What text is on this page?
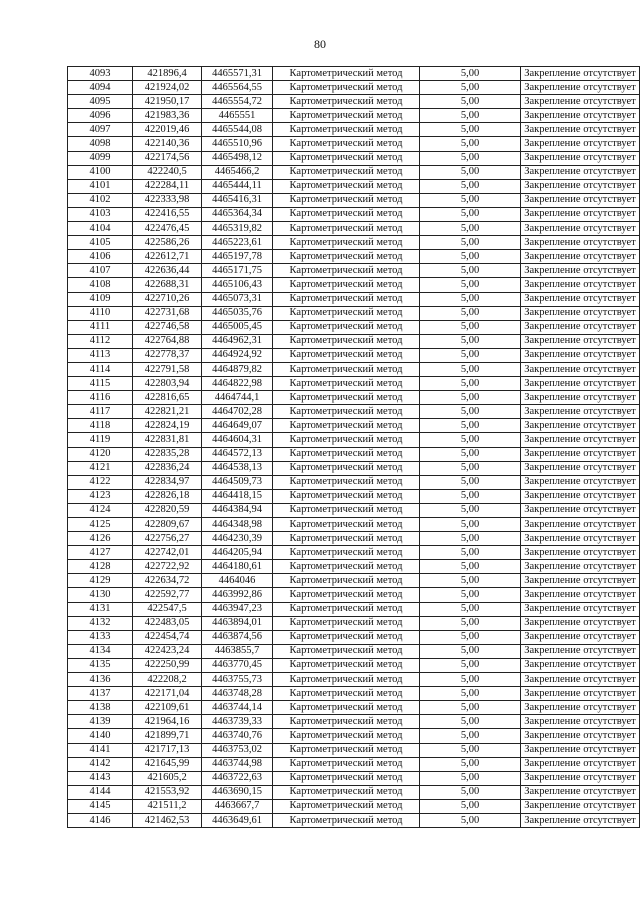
80
4093	421896,4	4465571,31	Картометрический метод	5,00	Закрепление отсутствует
4094	421924,02	4465564,55	Картометрический метод	5,00	Закрепление отсутствует
4095	421950,17	4465554,72	Картометрический метод	5,00	Закрепление отсутствует
4096	421983,36	4465551	Картометрический метод	5,00	Закрепление отсутствует
4097	422019,46	4465544,08	Картометрический метод	5,00	Закрепление отсутствует
4098	422140,36	4465510,96	Картометрический метод	5,00	Закрепление отсутствует
4099	422174,56	4465498,12	Картометрический метод	5,00	Закрепление отсутствует
4100	422240,5	4465466,2	Картометрический метод	5,00	Закрепление отсутствует
4101	422284,11	4465444,11	Картометрический метод	5,00	Закрепление отсутствует
4102	422333,98	4465416,31	Картометрический метод	5,00	Закрепление отсутствует
4103	422416,55	4465364,34	Картометрический метод	5,00	Закрепление отсутствует
4104	422476,45	4465319,82	Картометрический метод	5,00	Закрепление отсутствует
4105	422586,26	4465223,61	Картометрический метод	5,00	Закрепление отсутствует
4106	422612,71	4465197,78	Картометрический метод	5,00	Закрепление отсутствует
4107	422636,44	4465171,75	Картометрический метод	5,00	Закрепление отсутствует
4108	422688,31	4465106,43	Картометрический метод	5,00	Закрепление отсутствует
4109	422710,26	4465073,31	Картометрический метод	5,00	Закрепление отсутствует
4110	422731,68	4465035,76	Картометрический метод	5,00	Закрепление отсутствует
4111	422746,58	4465005,45	Картометрический метод	5,00	Закрепление отсутствует
4112	422764,88	4464962,31	Картометрический метод	5,00	Закрепление отсутствует
4113	422778,37	4464924,92	Картометрический метод	5,00	Закрепление отсутствует
4114	422791,58	4464879,82	Картометрический метод	5,00	Закрепление отсутствует
4115	422803,94	4464822,98	Картометрический метод	5,00	Закрепление отсутствует
4116	422816,65	4464744,1	Картометрический метод	5,00	Закрепление отсутствует
4117	422821,21	4464702,28	Картометрический метод	5,00	Закрепление отсутствует
4118	422824,19	4464649,07	Картометрический метод	5,00	Закрепление отсутствует
4119	422831,81	4464604,31	Картометрический метод	5,00	Закрепление отсутствует
4120	422835,28	4464572,13	Картометрический метод	5,00	Закрепление отсутствует
4121	422836,24	4464538,13	Картометрический метод	5,00	Закрепление отсутствует
4122	422834,97	4464509,73	Картометрический метод	5,00	Закрепление отсутствует
4123	422826,18	4464418,15	Картометрический метод	5,00	Закрепление отсутствует
4124	422820,59	4464384,94	Картометрический метод	5,00	Закрепление отсутствует
4125	422809,67	4464348,98	Картометрический метод	5,00	Закрепление отсутствует
4126	422756,27	4464230,39	Картометрический метод	5,00	Закрепление отсутствует
4127	422742,01	4464205,94	Картометрический метод	5,00	Закрепление отсутствует
4128	422722,92	4464180,61	Картометрический метод	5,00	Закрепление отсутствует
4129	422634,72	4464046	Картометрический метод	5,00	Закрепление отсутствует
4130	422592,77	4463992,86	Картометрический метод	5,00	Закрепление отсутствует
4131	422547,5	4463947,23	Картометрический метод	5,00	Закрепление отсутствует
4132	422483,05	4463894,01	Картометрический метод	5,00	Закрепление отсутствует
4133	422454,74	4463874,56	Картометрический метод	5,00	Закрепление отсутствует
4134	422423,24	4463855,7	Картометрический метод	5,00	Закрепление отсутствует
4135	422250,99	4463770,45	Картометрический метод	5,00	Закрепление отсутствует
4136	422208,2	4463755,73	Картометрический метод	5,00	Закрепление отсутствует
4137	422171,04	4463748,28	Картометрический метод	5,00	Закрепление отсутствует
4138	422109,61	4463744,14	Картометрический метод	5,00	Закрепление отсутствует
4139	421964,16	4463739,33	Картометрический метод	5,00	Закрепление отсутствует
4140	421899,71	4463740,76	Картометрический метод	5,00	Закрепление отсутствует
4141	421717,13	4463753,02	Картометрический метод	5,00	Закрепление отсутствует
4142	421645,99	4463744,98	Картометрический метод	5,00	Закрепление отсутствует
4143	421605,2	4463722,63	Картометрический метод	5,00	Закрепление отсутствует
4144	421553,92	4463690,15	Картометрический метод	5,00	Закрепление отсутствует
4145	421511,2	4463667,7	Картометрический метод	5,00	Закрепление отсутствует
4146	421462,53	4463649,61	Картометрический метод	5,00	Закрепление отсутствует
